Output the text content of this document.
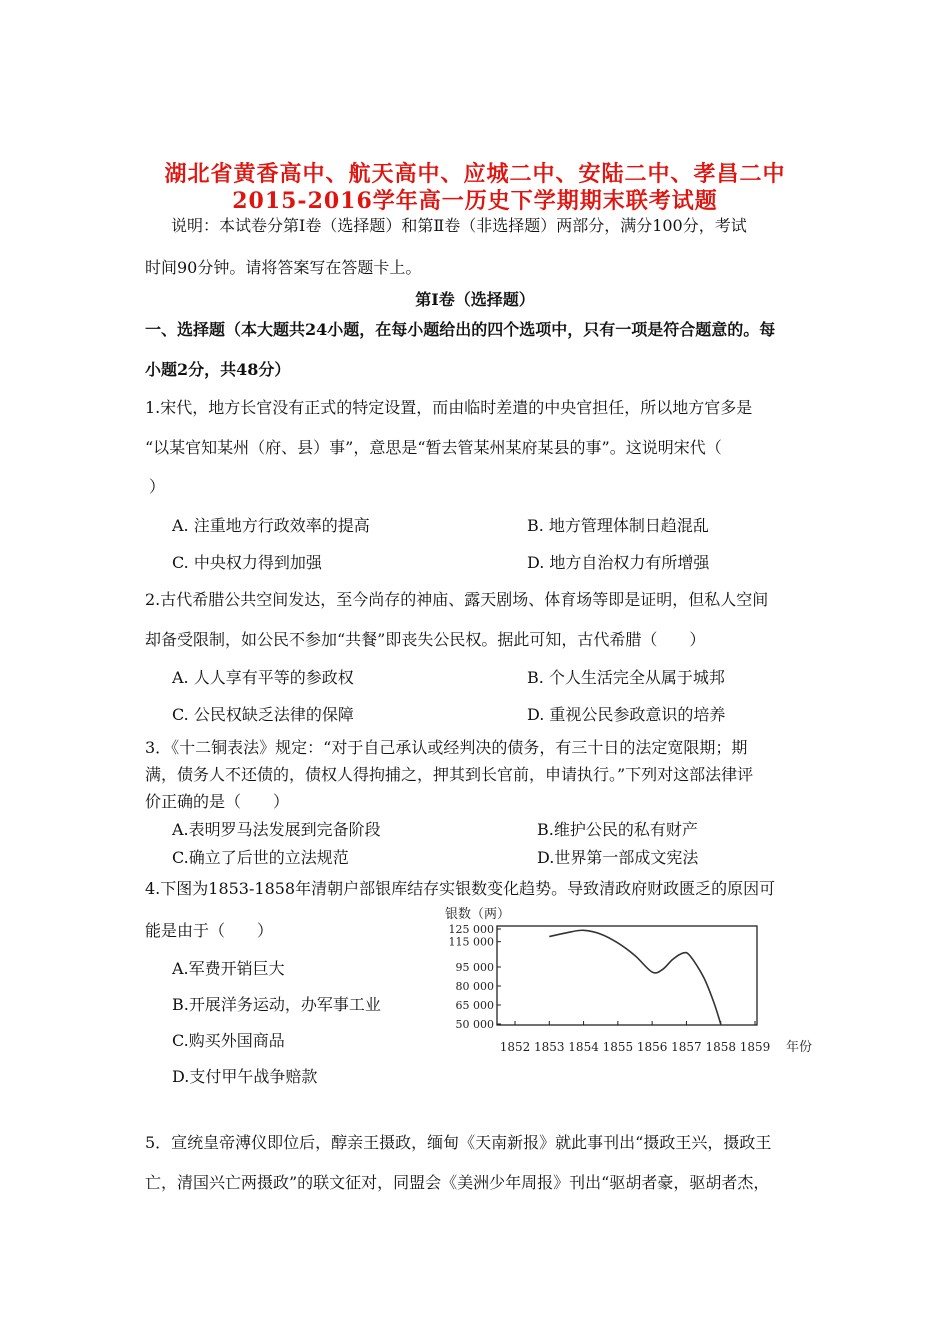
湖北省黄香高中、航天高中、应城二中、安陆二中、孝昌二中
2015-2016学年高一历史下学期期末联考试题
说明：本试卷分第Ⅰ卷（选择题）和第Ⅱ卷（非选择题）两部分，满分100分，考试
时间90分钟。请将答案写在答题卡上。
第Ⅰ卷（选择题）
一、选择题（本大题共24小题，在每小题给出的四个选项中，只有一项是符合题意的。每
小题2分，共48分）
1.宋代，地方长官没有正式的特定设置，而由临时差遣的中央官担任，所以地方官多是
“以某官知某州（府、县）事”，意思是“暂去管某州某府某县的事”。这说明宋代（
）
A. 注重地方行政效率的提高	B. 地方管理体制日趋混乱
C. 中央权力得到加强	D. 地方自治权力有所增强
2.古代希腊公共空间发达，至今尚存的神庙、露天剧场、体育场等即是证明，但私人空间
却备受限制，如公民不参加“共餐”即丧失公民权。据此可知，古代希腊（　　）
A. 人人享有平等的参政权	B. 个人生活完全从属于城邦
C. 公民权缺乏法律的保障	D. 重视公民参政意识的培养
3．《十二铜表法》规定：“对于自己承认或经判决的债务，有三十日的法定宽限期；期
满，债务人不还债的，债权人得拘捕之，押其到长官前，申请执行。”下列对这部法律评
价正确的是（　　）
A.表明罗马法发展到完备阶段	B.维护公民的私有财产
C.确立了后世的立法规范	D.世界第一部成文宪法
4.下图为1853-1858年清朝户部银库结存实银数变化趋势。导致清政府财政匮乏的原因可
能是由于（　　）
A.军费开销巨大
B.开展洋务运动，办军事工业
C.购买外国商品
D.支付甲午战争赔款
银数（两）
125 000
115 000
95 000
80 000
65 000
50 000
1852 1853 1854 1855 1856 1857 1858 1859 年份
5．宣统皇帝溥仪即位后，醇亲王摄政，缅甸《天南新报》就此事刊出“摄政王兴，摄政王
亡，清国兴亡两摄政”的联文征对，同盟会《美洲少年周报》刊出“驱胡者豪，驱胡者杰，
